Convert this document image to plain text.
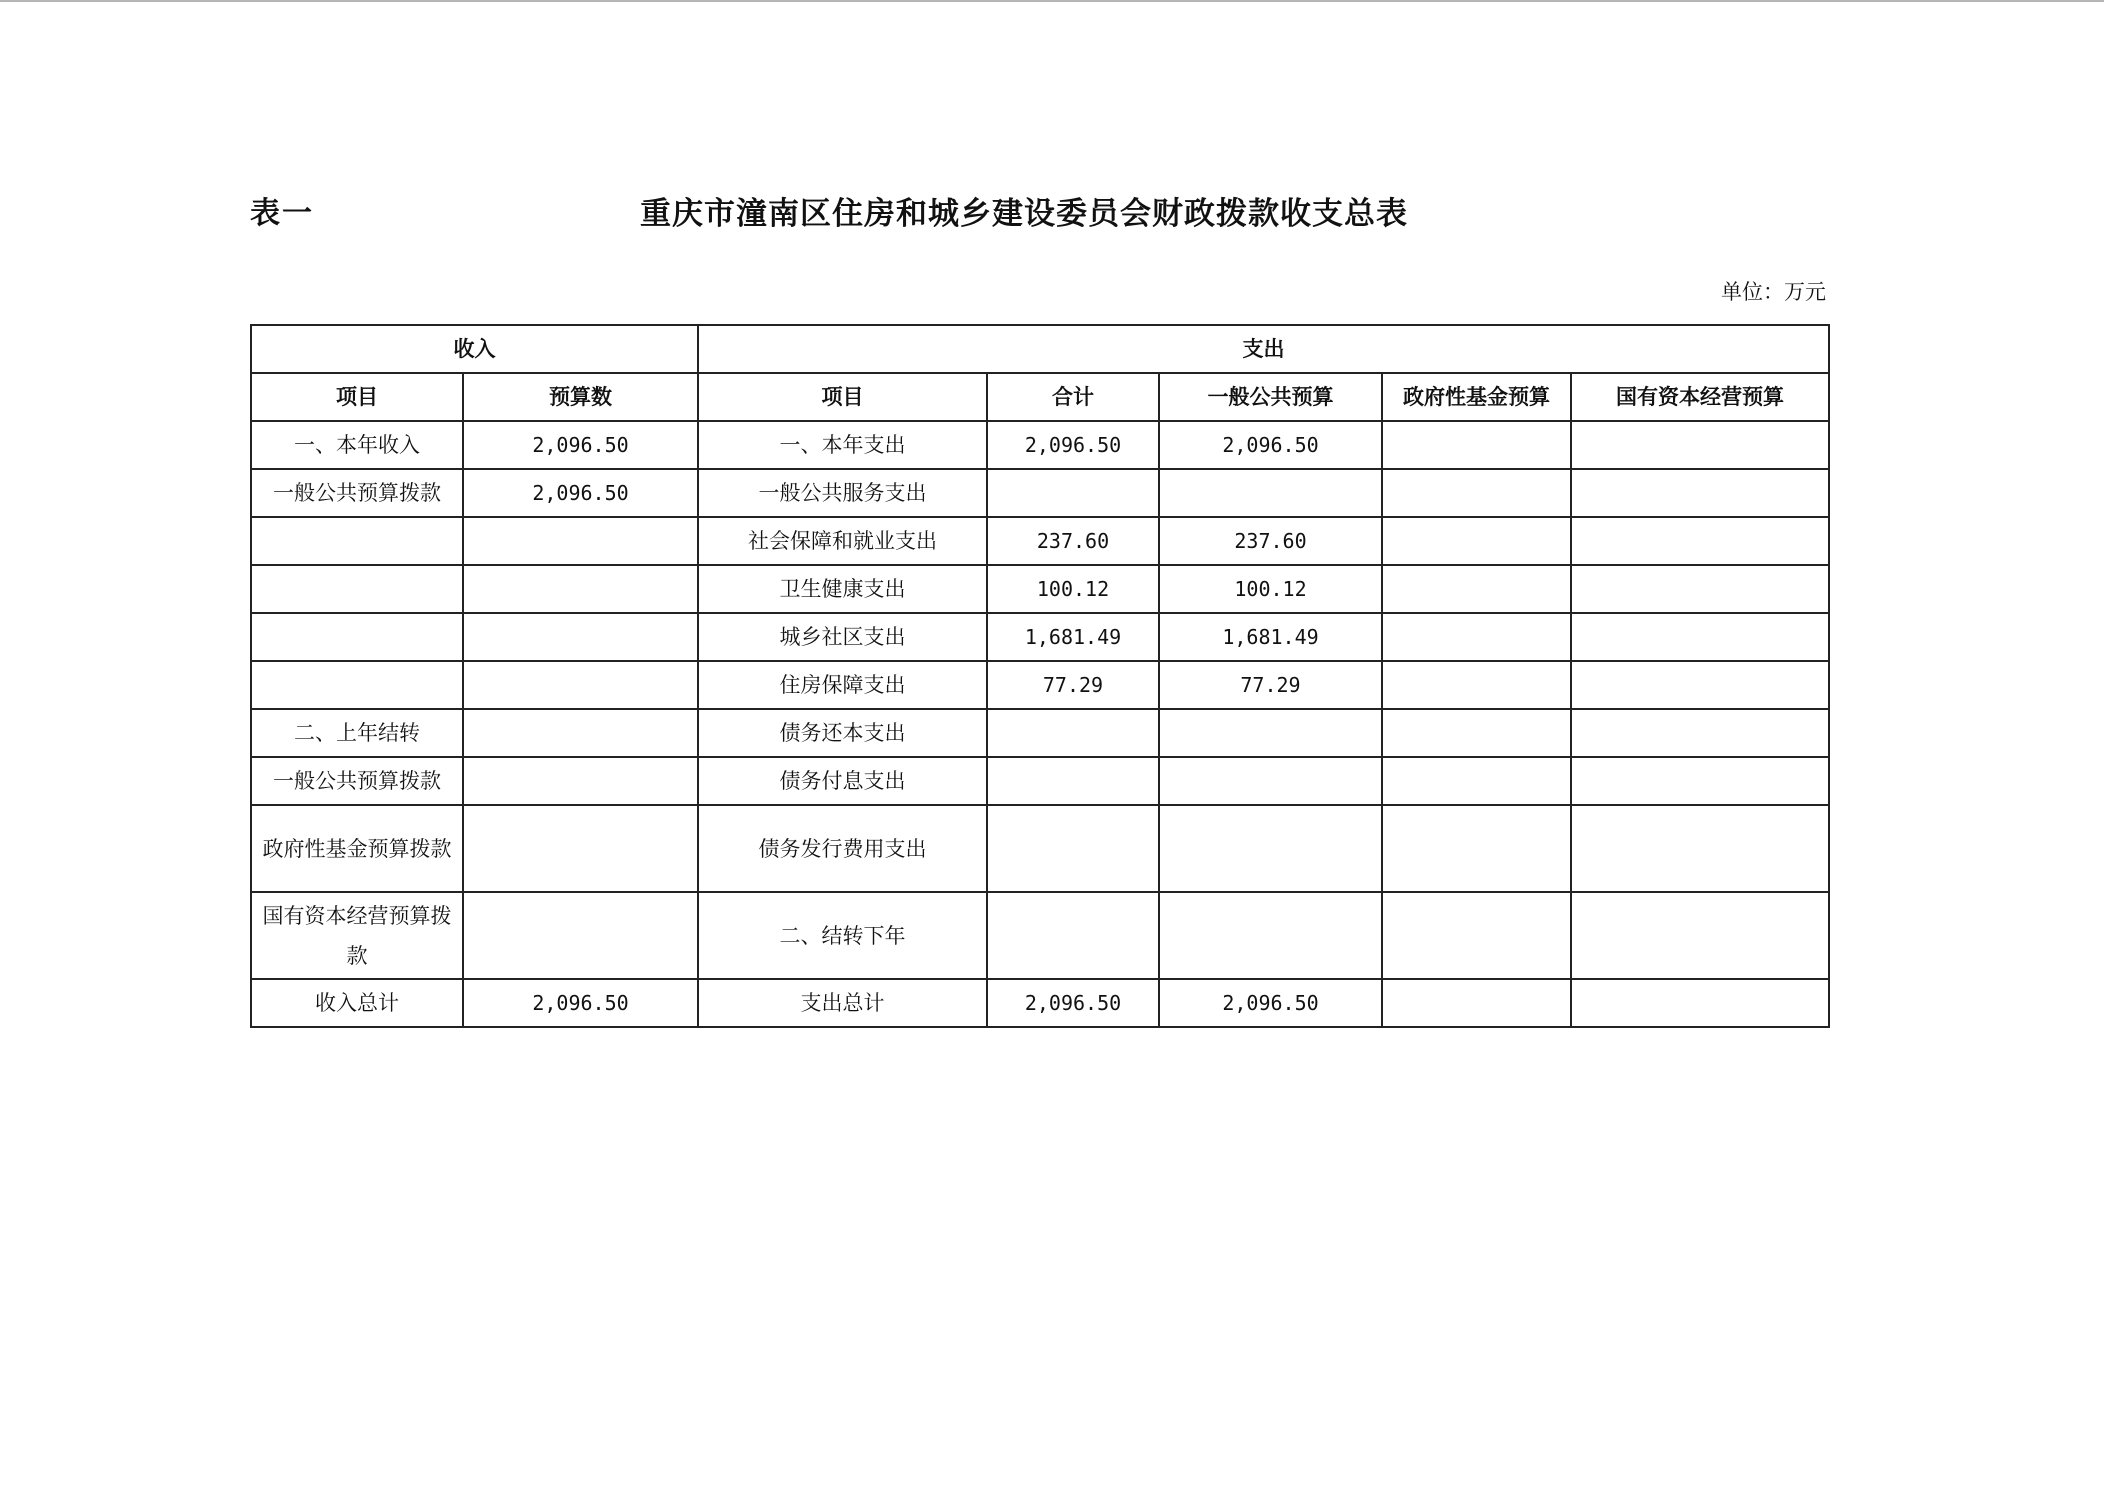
表一	重庆市潼南区住房和城乡建设委员会财政拨款收支总表
单位：万元
收入		支出				
项目	预算数	项目	合计	一般公共预算	政府性基金预算	国有资本经营预算
一、本年收入	2,096.50	一、本年支出	2,096.50	2,096.50		
一般公共预算拨款	2,096.50	一般公共服务支出				
		社会保障和就业支出	237.60	237.60		
		卫生健康支出	100.12	100.12		
		城乡社区支出	1,681.49	1,681.49		
		住房保障支出	77.29	77.29		
二、上年结转		债务还本支出				
一般公共预算拨款		债务付息支出				
政府性基金预算拨款		债务发行费用支出				
国有资本经营预算拨款		二、结转下年				
收入总计	2,096.50	支出总计	2,096.50	2,096.50		
